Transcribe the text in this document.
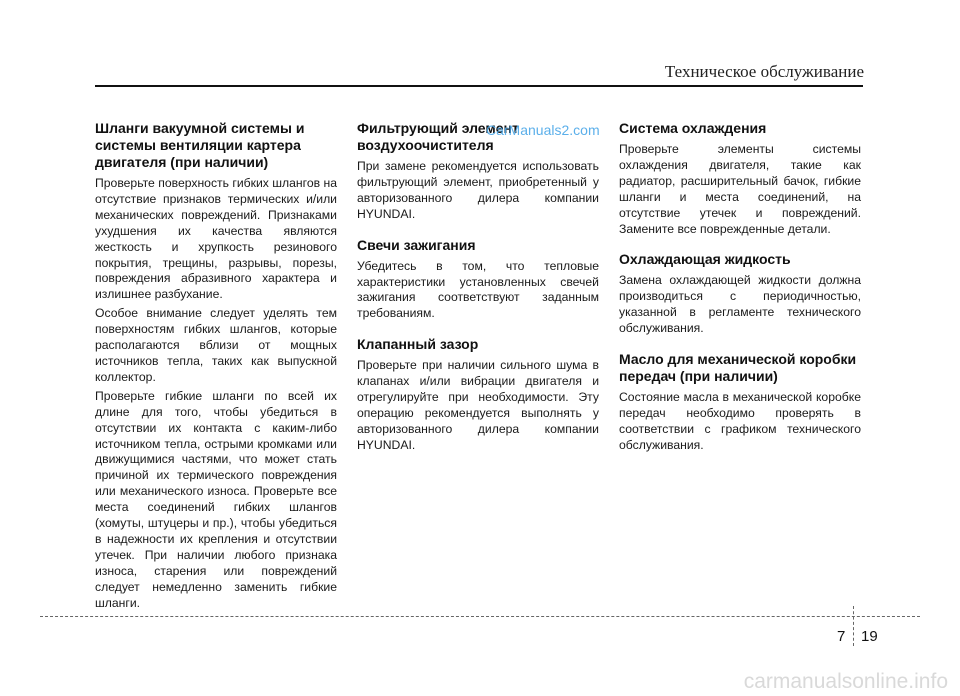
Техническое обслуживание
Шланги вакуумной системы и системы вентиляции картера двигателя (при наличии)

Проверьте поверхность гибких шлангов на отсутствие признаков термических и/или механических повреждений. Признаками ухудшения их качества являются жесткость и хрупкость резинового покрытия, трещины, разрывы, порезы, повреждения абразивного характера и излишнее разбухание.

Особое внимание следует уделять тем поверхностям гибких шлангов, которые располагаются вблизи от мощных источников тепла, таких как выпускной коллектор.

Проверьте гибкие шланги по всей их длине для того, чтобы убедиться в отсутствии их контакта с каким-либо источником тепла, острыми кромками или движущимися частями, что может стать причиной их термического повреждения или механического износа. Проверьте все места соединений гибких шлангов (хомуты, штуцеры и пр.), чтобы убедиться в надежности их крепления и отсутствии утечек. При наличии любого признака износа, старения или повреждений следует немедленно заменить гибкие шланги.

Фильтрующий элемент воздухоочистителя

При замене рекомендуется использовать фильтрующий элемент, приобретенный у авторизованного дилера компании HYUNDAI.

Свечи зажигания

Убедитесь в том, что тепловые характеристики установленных свечей зажигания соответствуют заданным требованиям.

Клапанный зазор

Проверьте при наличии сильного шума в клапанах и/или вибрации двигателя и отрегулируйте при необходимости. Эту операцию рекомендуется выполнять у авторизованного дилера компании HYUNDAI.

Система охлаждения

Проверьте элементы системы охлаждения двигателя, такие как радиатор, расширительный бачок, гибкие шланги и места соединений, на отсутствие утечек и повреждений. Замените все поврежденные детали.

Охлаждающая жидкость

Замена охлаждающей жидкости должна производиться с периодичностью, указанной в регламенте технического обслуживания.

Масло для механической коробки передач (при наличии)

Состояние масла в механической коробке передач необходимо проверять в соответствии с графиком технического обслуживания.

CarManuals2.com
7 19
carmanualsonline.info
